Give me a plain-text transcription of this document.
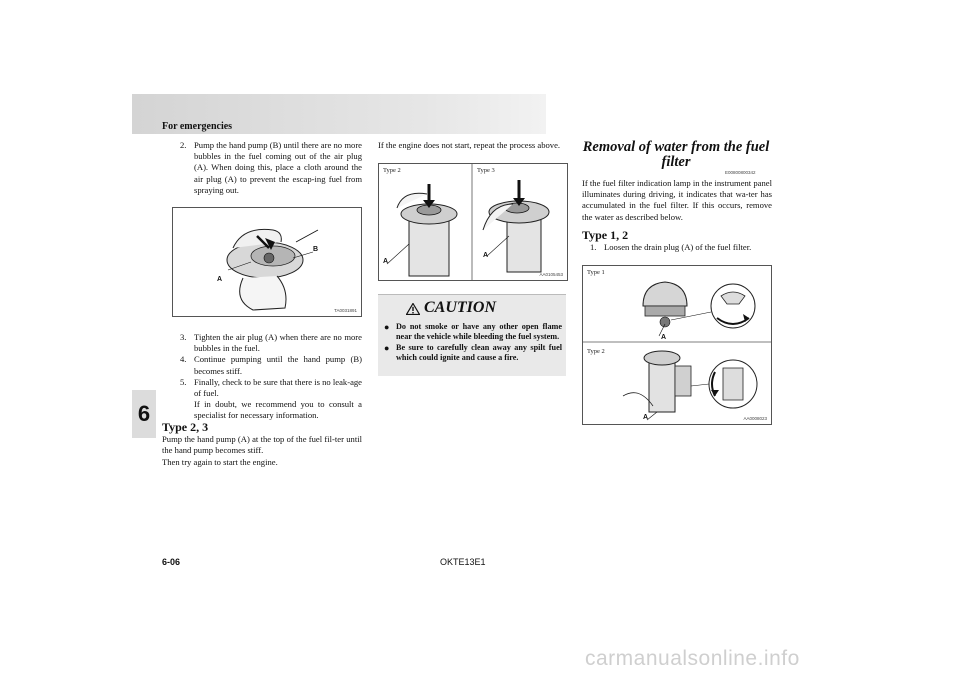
For emergencies
6
2. Pump the hand pump (B) until there are no more bubbles in the fuel coming out of the air plug (A). When doing this, place a cloth around the air plug (A) to prevent the escap-ing fuel from spraying out.
A
B
TA0031891
3. Tighten the air plug (A) when there are no more bubbles in the fuel.
4. Continue pumping until the hand pump (B) becomes stiff.
5. Finally, check to be sure that there is no leak-age of fuel.
If in doubt, we recommend you to consult a specialist for necessary information.
Type 2, 3

Pump the hand pump (A) at the top of the fuel fil-ter until the hand pump becomes stiff.

Then try again to start the engine.

If the engine does not start, repeat the process above.

Type 2	Type 3
A
A
AA0105453
CAUTION
● Do not smoke or have any other open flame near the vehicle while bleeding the fuel system.
● Be sure to carefully clean away any spilt fuel which could ignite and cause a fire.
Removal of water from the fuel filter
E00800800342

If the fuel filter indication lamp in the instrument panel illuminates during driving, it indicates that wa-ter has accumulated in the fuel filter. If this occurs, remove the water as described below.

Type 1, 2
1. Loosen the drain plug (A) of the fuel filter.
Type 1
Type 2
A
A	AA0008023
6-06	OKTE13E1
carmanualsonline.info
